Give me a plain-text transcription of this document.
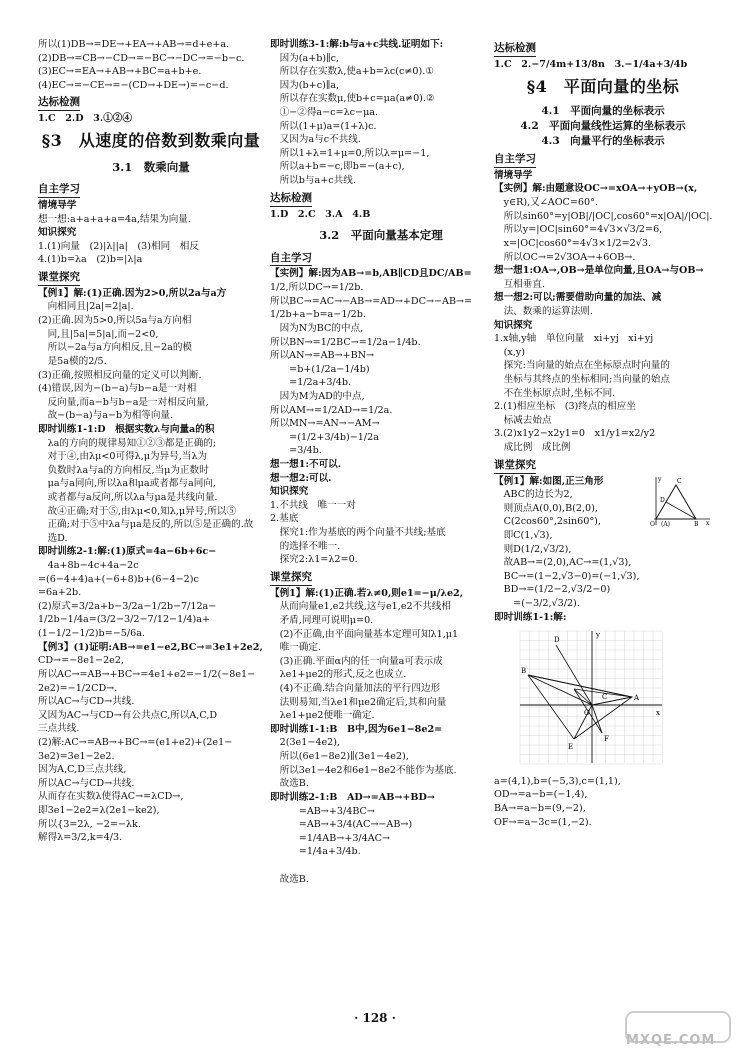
所以(1)DB→=DE→+EA→+AB→=d+e+a.
(2)DB→=CB→−CD→=−BC→−DC→=−b−c.
(3)EC→=EA→+AB→+BC=a+b+e.
(4)EC→=−CE→=−(CD→+DE→)=−c−d.
达标检测
1.C　2.D　3.①②④
§3　从速度的倍数到数乘向量
3.1　数乘向量
自主学习
情境导学
想一想:a+a+a+a=4a,结果为向量.
知识探究
1.(1)向量　(2)|λ||a|　(3)相同　相反
4.(1)b=λa　(2)b=|λ|a
课堂探究
【例1】解:(1)正确.因为2>0,所以2a与a方
　向相同且|2a|=2|a|.
(2)正确.因为5>0,所以5a与a方向相
　同,且|5a|=5|a|,而−2<0,
　所以−2a与a方向相反,且−2a的模
　是5a模的2/5.
(3)正确,按照相反向量的定义可以判断.
(4)错误,因为−(b−a)与b−a是一对相
　反向量,而a−b与b−a是一对相反向量,
　故−(b−a)与a−b为相等向量.
即时训练1-1:D　根据实数λ与向量a的积
　λa的方向的规律易知①②③都是正确的;
　对于④,由λμ<0可得λ,μ为异号,当λ为
　负数时λa与a的方向相反,当μ为正数时
　μa与a同向,所以λa和μa或者都与a同向,
　或者都与a反向,所以λa与μa是共线向量.
　故④正确;对于⑤,由λμ<0,知λ,μ异号,所以⑤
　正确;对于⑤中λa与μa是反的,所以⑤是正确的.故
　选D.
即时训练2-1:解:(1)原式=4a−6b+6c−
　4a+8b−4c+4a−2c
=(6−4+4)a+(−6+8)b+(6−4−2)c
=6a+2b.
(2)原式=3/2a+b−3/2a−1/2b−7/12a−
1/2b−1/4a=(3/2−3/2−7/12−1/4)a+
(1−1/2−1/2)b=−5/6a.
【例3】(1)证明:AB→=e1−e2,BC→=3e1+2e2,
CD→=−8e1−2e2,
所以AC→=AB→+BC→=4e1+e2=−1/2(−8e1−
2e2)=−1/2CD→.
所以AC→与CD→共线.
又因为AC→与CD→有公共点C,所以A,C,D
三点共线.
(2)解:AC→=AB→+BC→=(e1+e2)+(2e1−
3e2)=3e1−2e2.
因为A,C,D三点共线,
所以AC→与CD→共线.
从而存在实数λ使得AC→=λCD→,
即3e1−2e2=λ(2e1−ke2),
所以{3=2λ, −2=−λk.
解得λ=3/2,k=4/3.
即时训练3-1:解:b与a+c共线.证明如下:
　因为(a+b)∥c,
　所以存在实数λ,使a+b=λc(c≠0).①
　因为(b+c)∥a,
　所以存在实数μ,使b+c=μa(a≠0).②
　①−②得a−c=λc−μa.
　所以(1+μ)a=(1+λ)c.
　又因为a与c不共线.
　所以1+λ=1+μ=0,所以λ=μ=−1,
　所以a+b=−c,即b=−(a+c),
　所以b与a+c共线.
达标检测
1.D　2.C　3.A　4.B
3.2　平面向量基本定理
自主学习
【实例】解:因为AB→=b,AB∥CD且DC/AB=
1/2,所以DC→=1/2b.
所以BC→=AC→−AB→=AD→+DC→−AB→=
1/2b+a−b=a−1/2b.
　因为N为BC的中点,
所以BN→=1/2BC→=1/2a−1/4b.
所以AN→=AB→+BN→
　　=b+(1/2a−1/4b)
　　=1/2a+3/4b.
　因为M为AD的中点,
所以AM→=1/2AD→=1/2a.
所以MN→=AN→−AM→
　　=(1/2+3/4b)−1/2a
　　=3/4b.
想一想1:不可以.
想一想2:可以.
知识探究
1.不共线　唯一一对
2.基底
　探究1:作为基底的两个向量不共线;基底
　的选择不唯一.
　探究2:λ1=λ2=0.
课堂探究
【例1】解:(1)正确.若λ≠0,则e1=−μ/λe2,
　从而向量e1,e2共线,这与e1,e2不共线相
　矛盾,同理可说明μ=0.
　(2)不正确,由平面向量基本定理可知λ1,μ1
　唯一确定.
　(3)正确.平面α内的任一向量a可表示成
　λe1+μe2的形式,反之也成立.
　(4)不正确.结合向量加法的平行四边形
　法则易知,当λe1和μe2确定后,其和向量
　λe1+μe2便唯一确定.
即时训练1-1:B　B中,因为6e1−8e2=
　2(3e1−4e2),
　所以(6e1−8e2)∥(3e1−4e2),
　所以3e1−4e2和6e1−8e2不能作为基底.
　故选B.
即时训练2-1:B　AD→=AB→+BD→
　　　=AB→+3/4BC→
　　　=AB→+3/4(AC→−AB→)
　　　=1/4AB→+3/4AC→
　　　=1/4a+3/4b.

　故选B.
达标检测
1.C　2.−7/4m+13/8n　3.−1/4a+3/4b
§4　平面向量的坐标
4.1　平面向量的坐标表示
4.2　平面向量线性运算的坐标表示
4.3　向量平行的坐标表示
自主学习
情境导学
【实例】解:由题意设OC→=xOA→+yOB→(x,
　y∈R),又∠AOC=60°.
　所以sin60°=y|OB|/|OC|,cos60°=x|OA|/|OC|.
　所以y=|OC|sin60°=4√3×√3/2=6,
　x=|OC|cos60°=4√3×1/2=2√3.
　所以OC→=2√3OA→+6OB→.
想一想1:OA→,OB→是单位向量,且OA→与OB→
　互相垂直.
想一想2:可以;需要借助向量的加法、减
　法、数乘的运算法则.
知识探究
1.x轴,y轴　单位向量　xi+yj　xi+yj
　(x,y)
　探究:当向量的始点在坐标原点时向量的
　坐标与其终点的坐标相同;当向量的始点
　不在坐标原点时,坐标不同.
2.(1)相应坐标　(3)终点的相应坐
　标减去始点
3.(2)x1y2−x2y1=0　x1/y1=x2/y2
　成比例　成比例
课堂探究
C
B
(A)
O
D
x
y
【例1】解:如图,正三角形
　ABC的边长为2,
　则顶点A(0,0),B(2,0),
　C(2cos60°,2sin60°),
　即C(1,√3),
　则D(1/2,√3/2),
　故AB→=(2,0),AC→=(1,√3),
　BC→=(1−2,√3−0)=(−1,√3),
　BD→=(1/2−2,√3/2−0)
　　=(−3/2,√3/2).
即时训练1-1:解:
A
B
C
D
E
F
O	x
y
a=(4,1),b=(−5,3),c=(1,1),
OD→=a−b=(−1,4),
BA→=a−b=(9,−2),
OF→=a−3c=(1,−2).
· 128 ·
MXQE.COM
